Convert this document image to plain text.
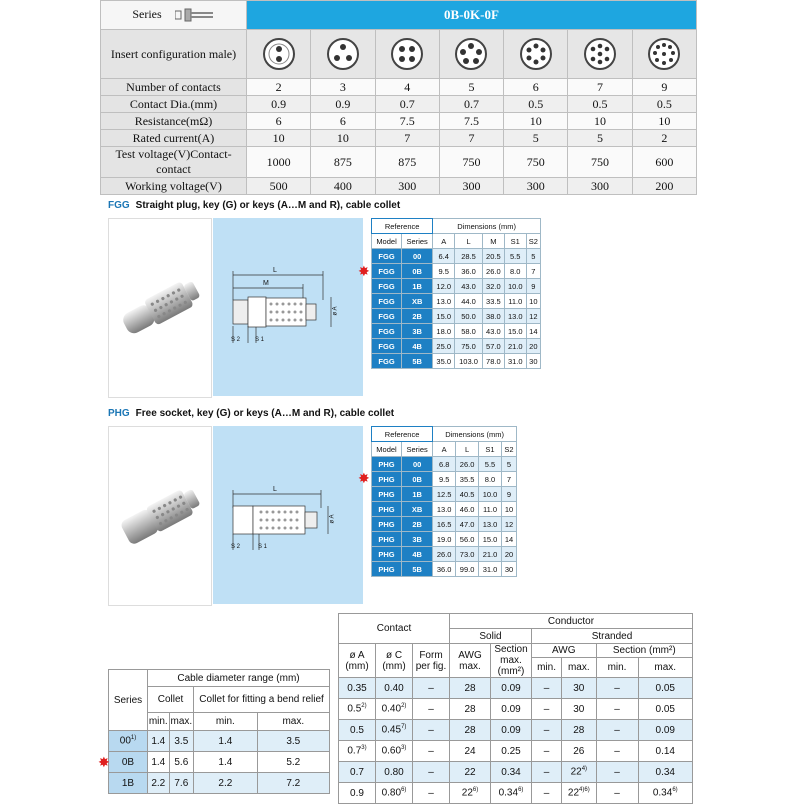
Series	0B-0K-0F						
Insert configuration male)	

Number of contacts	2	3	4	5	6	7	9
Contact Dia.(mm)	0.9	0.9	0.7	0.7	0.5	0.5	0.5
Resistance(mΩ)	6	6	7.5	7.5	10	10	10
Rated current(A)	10	10	7	7	5	5	2
Test voltage(V)Contact-contact	1000	875	875	750	750	750	600
Working voltage(V)	500	400	300	300	300	300	200
FGG Straight plug, key (G) or keys (A…M and R), cable collet
L
M
ø A
S 2 S 1
Reference		Dimensions (mm)				
Model	Series	A	L	M	S1	S2
FGG	00	6.4	28.5	20.5	5.5	5
FGG	0B	9.5	36.0	26.0	8.0	7
FGG	1B	12.0	43.0	32.0	10.0	9
FGG	XB	13.0	44.0	33.5	11.0	10
FGG	2B	15.0	50.0	38.0	13.0	12
FGG	3B	18.0	58.0	43.0	15.0	14
FGG	4B	25.0	75.0	57.0	21.0	20
FGG	5B	35.0	103.0	78.0	31.0	30
✸
PHG Free socket, key (G) or keys (A…M and R), cable collet
L
ø A
S 2	S 1
Reference		Dimensions (mm)			
Model	Series	A	L	S1	S2
PHG	00	6.8	26.0	5.5	5
PHG	0B	9.5	35.5	8.0	7
PHG	1B	12.5	40.5	10.0	9
PHG	XB	13.0	46.0	11.0	10
PHG	2B	16.5	47.0	13.0	12
PHG	3B	19.0	56.0	15.0	14
PHG	4B	26.0	73.0	21.0	20
PHG	5B	36.0	99.0	31.0	30
✸
Series	Cable diameter range (mm)			
	Collet		Collet for fitting a bend relief	
	min.	max.	min.	max.
00$^{1)}$	1.4	3.5	1.4	3.5
0B	1.4	5.6	1.4	5.2
1B	2.2	7.6	2.2	7.2
✸
Contact			Conductor					
			Solid		Stranded			
ø A (mm)	ø C (mm)	Form per fig.	AWG max.	Section max. (mm²)	AWG		Section (mm²)	
					min.	max.	min.	max.
0.35	0.40	–	28	0.09	–	30	–	0.05
0.5$^{2)}$	0.40$^{2)}$	–	28	0.09	–	30	–	0.05
0.5	0.45$^{7)}$	–	28	0.09	–	28	–	0.09
0.7$^{3)}$	0.60$^{3)}$	–	24	0.25	–	26	–	0.14
0.7	0.80	–	22	0.34	–	22$^{4)}$	–	0.34
0.9	0.80$^{6)}$	–	22$^{6)}$	0.34$^{6)}$	–	$22^{4)6)}$	–	0.34$^{6)}$
